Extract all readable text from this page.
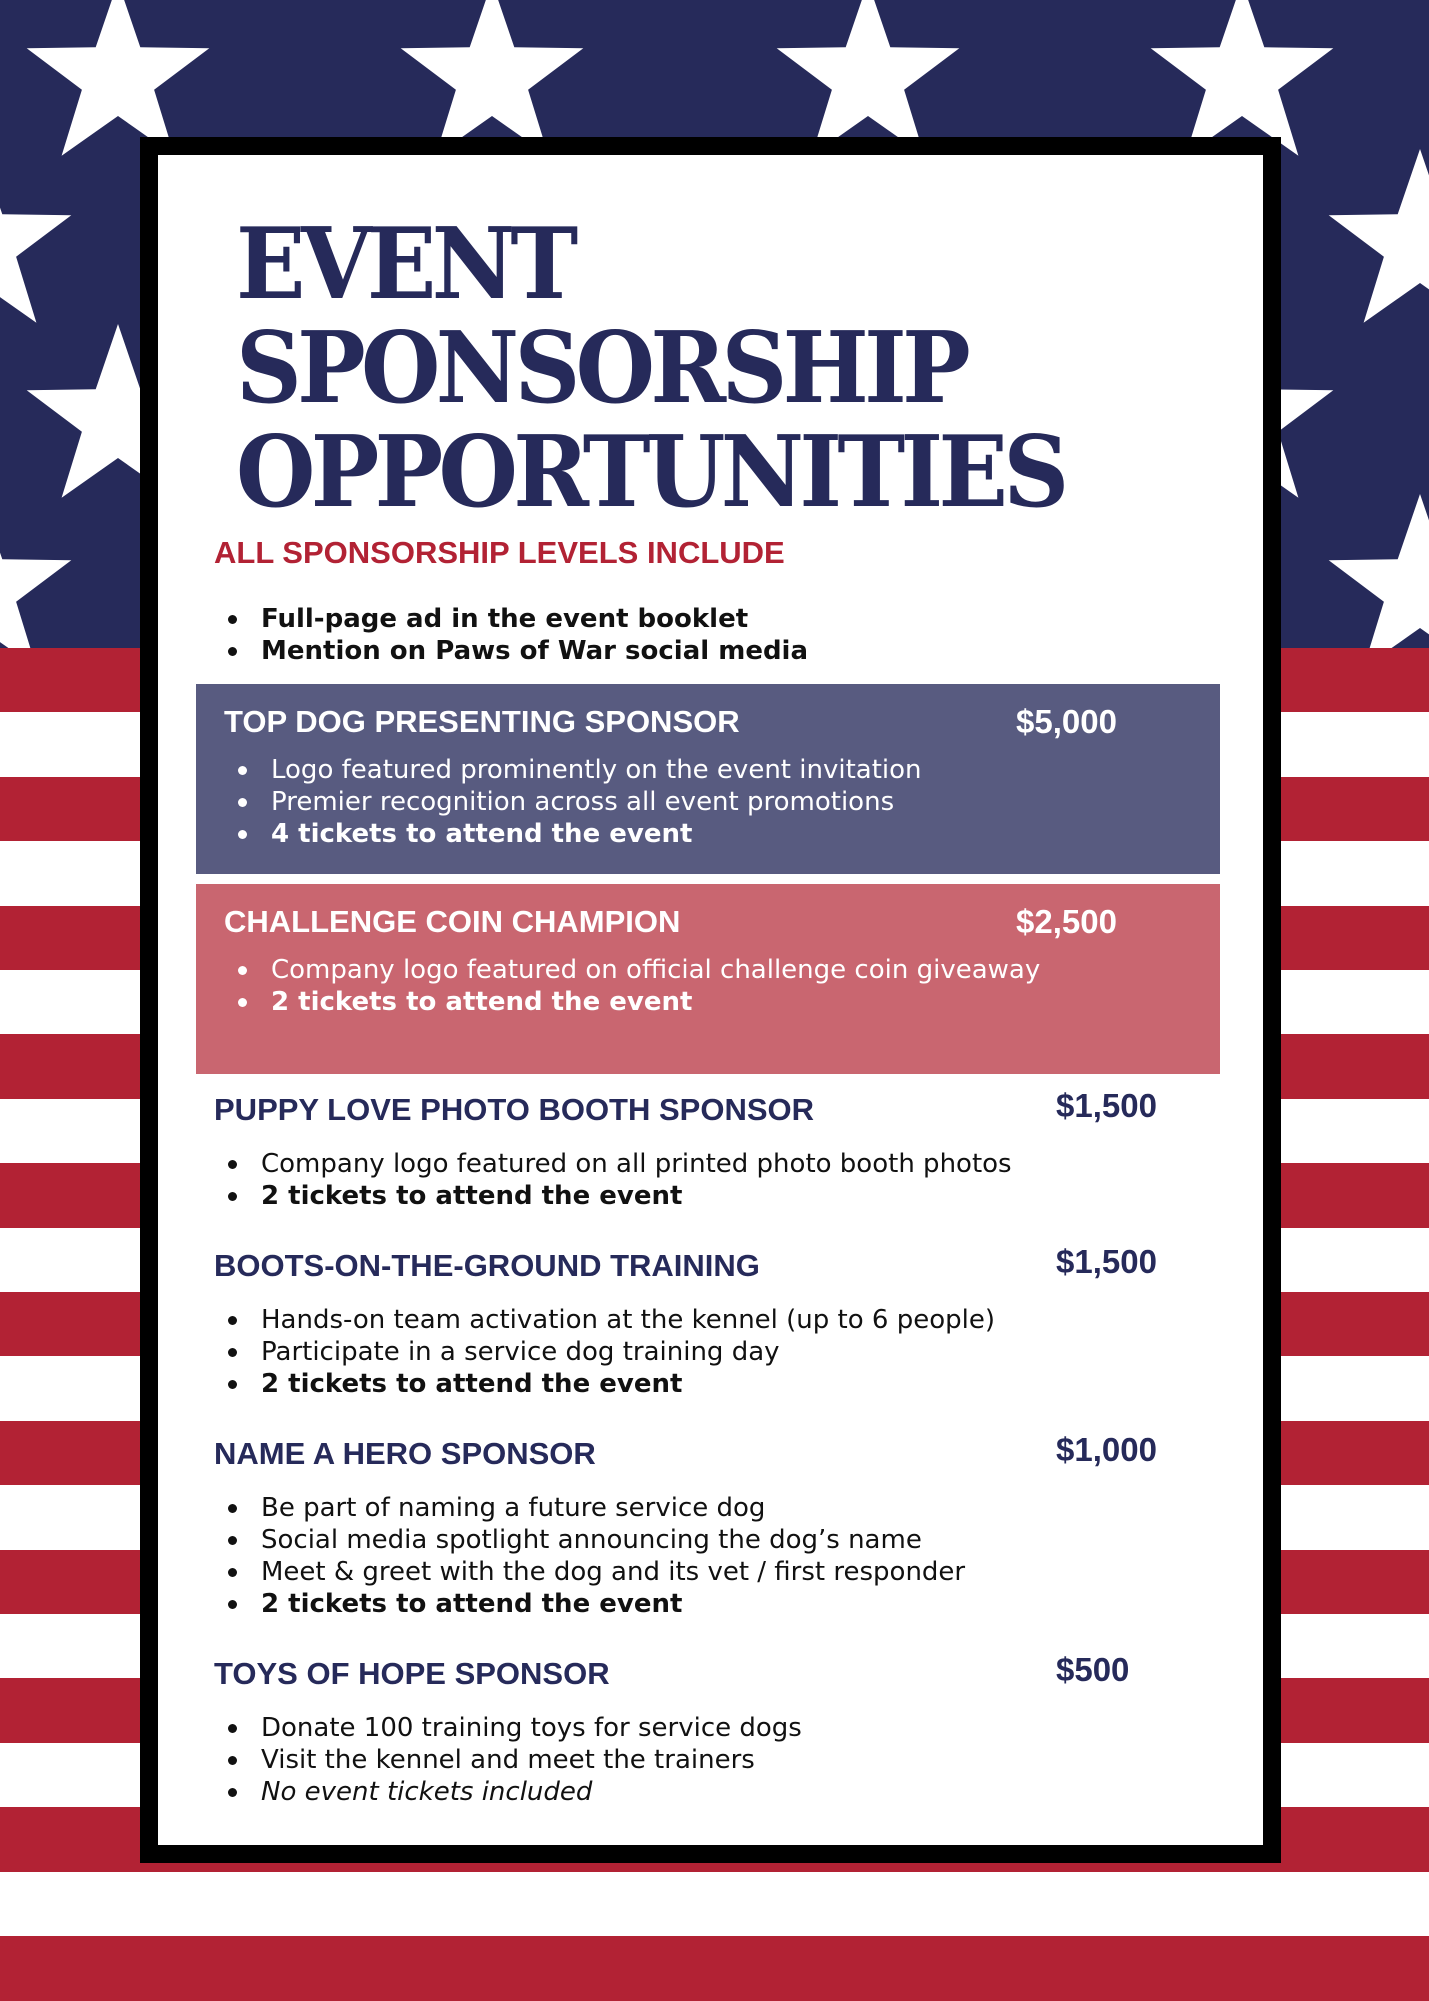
EVENT
SPONSORSHIP
OPPORTUNITIES
ALL SPONSORSHIP LEVELS INCLUDE
Full-page ad in the event booklet
Mention on Paws of War social media
TOP DOG PRESENTING SPONSOR	$5,000
Logo featured prominently on the event invitation
Premier recognition across all event promotions
4 tickets to attend the event
CHALLENGE COIN CHAMPION	$2,500
Company logo featured on official challenge coin giveaway
2 tickets to attend the event
PUPPY LOVE PHOTO BOOTH SPONSOR	$1,500
Company logo featured on all printed photo booth photos
2 tickets to attend the event
BOOTS-ON-THE-GROUND TRAINING	$1,500
Hands-on team activation at the kennel (up to 6 people)
Participate in a service dog training day
2 tickets to attend the event
NAME A HERO SPONSOR	$1,000
Be part of naming a future service dog
Social media spotlight announcing the dog’s name
Meet & greet with the dog and its vet / first responder
2 tickets to attend the event
TOYS OF HOPE SPONSOR	$500
Donate 100 training toys for service dogs
Visit the kennel and meet the trainers
No event tickets included
